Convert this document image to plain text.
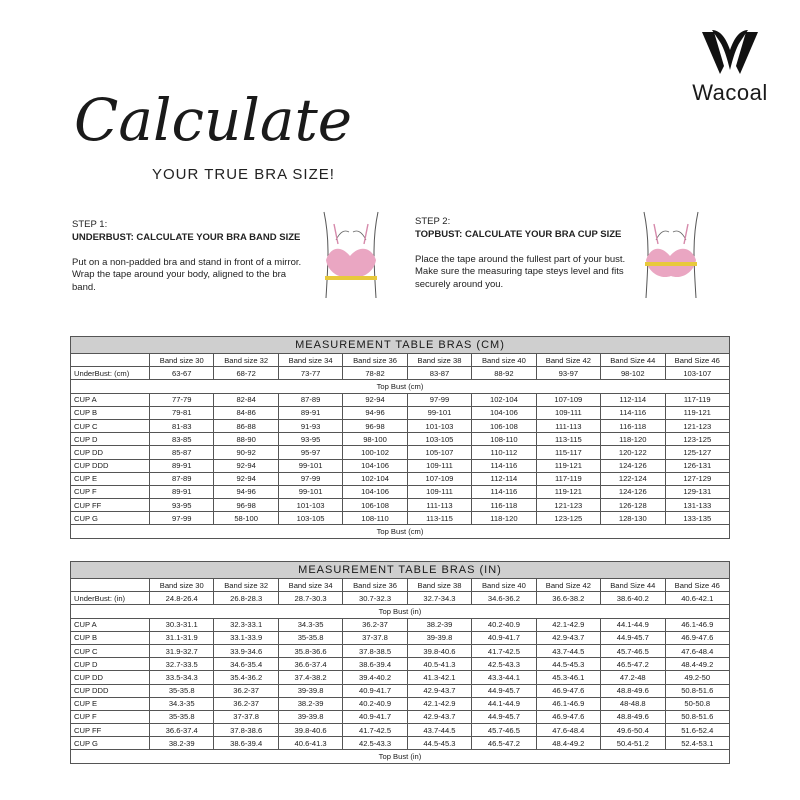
Wacoal
Calculate
YOUR TRUE BRA SIZE!
STEP 1:
UNDERBUST: CALCULATE YOUR BRA BAND SIZE
Put on a non-padded bra and stand in front of a mirror. Wrap the tape around your body, aligned to the bra band.
STEP 2:
TOPBUST: CALCULATE YOUR BRA CUP SIZE
Place the tape around the fullest part of your bust. Make sure the measuring tape steys level and fits securely around you.
MEASUREMENT TABLE BRAS (CM)
	Band size 30	Band size 32	Band size 34	Band size 36	Band size 38	Band size 40	Band Size 42	Band Size 44	Band Size 46
UnderBust: (cm)	63-67	68-72	73-77	78-82	83-87	88-92	93-97	98-102	103-107
Top Bust (cm)									
CUP A	77-79	82-84	87-89	92-94	97-99	102-104	107-109	112-114	117-119
CUP B	79-81	84-86	89-91	94-96	99-101	104-106	109-111	114-116	119-121
CUP C	81-83	86-88	91-93	96-98	101-103	106-108	111-113	116-118	121-123
CUP D	83-85	88-90	93-95	98-100	103-105	108-110	113-115	118-120	123-125
CUP DD	85-87	90-92	95-97	100-102	105-107	110-112	115-117	120-122	125-127
CUP DDD	89-91	92-94	99-101	104-106	109-111	114-116	119-121	124-126	126-131
CUP E	87-89	92-94	97-99	102-104	107-109	112-114	117-119	122-124	127-129
CUP F	89-91	94-96	99-101	104-106	109-111	114-116	119-121	124-126	129-131
CUP FF	93-95	96-98	101-103	106-108	111-113	116-118	121-123	126-128	131-133
CUP G	97-99	58-100	103-105	108-110	113-115	118-120	123-125	128-130	133-135
Top Bust (cm)									
MEASUREMENT TABLE BRAS (IN)
	Band size 30	Band size 32	Band size 34	Band size 36	Band size 38	Band size 40	Band Size 42	Band Size 44	Band Size 46
UnderBust: (in)	24.8-26.4	26.8-28.3	28.7-30.3	30.7-32.3	32.7-34.3	34.6-36.2	36.6-38.2	38.6-40.2	40.6-42.1
Top Bust (in)									
CUP A	30.3-31.1	32.3-33.1	34.3-35	36.2-37	38.2-39	40.2-40.9	42.1-42.9	44.1-44.9	46.1-46.9
CUP B	31.1-31.9	33.1-33.9	35-35.8	37-37.8	39-39.8	40.9-41.7	42.9-43.7	44.9-45.7	46.9-47.6
CUP C	31.9-32.7	33.9-34.6	35.8-36.6	37.8-38.5	39.8-40.6	41.7-42.5	43.7-44.5	45.7-46.5	47.6-48.4
CUP D	32.7-33.5	34.6-35.4	36.6-37.4	38.6-39.4	40.5-41.3	42.5-43.3	44.5-45.3	46.5-47.2	48.4-49.2
CUP DD	33.5-34.3	35.4-36.2	37.4-38.2	39.4-40.2	41.3-42.1	43.3-44.1	45.3-46.1	47.2-48	49.2-50
CUP DDD	35-35.8	36.2-37	39-39.8	40.9-41.7	42.9-43.7	44.9-45.7	46.9-47.6	48.8-49.6	50.8-51.6
CUP E	34.3-35	36.2-37	38.2-39	40.2-40.9	42.1-42.9	44.1-44.9	46.1-46.9	48-48.8	50-50.8
CUP F	35-35.8	37-37.8	39-39.8	40.9-41.7	42.9-43.7	44.9-45.7	46.9-47.6	48.8-49.6	50.8-51.6
CUP FF	36.6-37.4	37.8-38.6	39.8-40.6	41.7-42.5	43.7-44.5	45.7-46.5	47.6-48.4	49.6-50.4	51.6-52.4
CUP G	38.2-39	38.6-39.4	40.6-41.3	42.5-43.3	44.5-45.3	46.5-47.2	48.4-49.2	50.4-51.2	52.4-53.1
Top Bust (in)									
